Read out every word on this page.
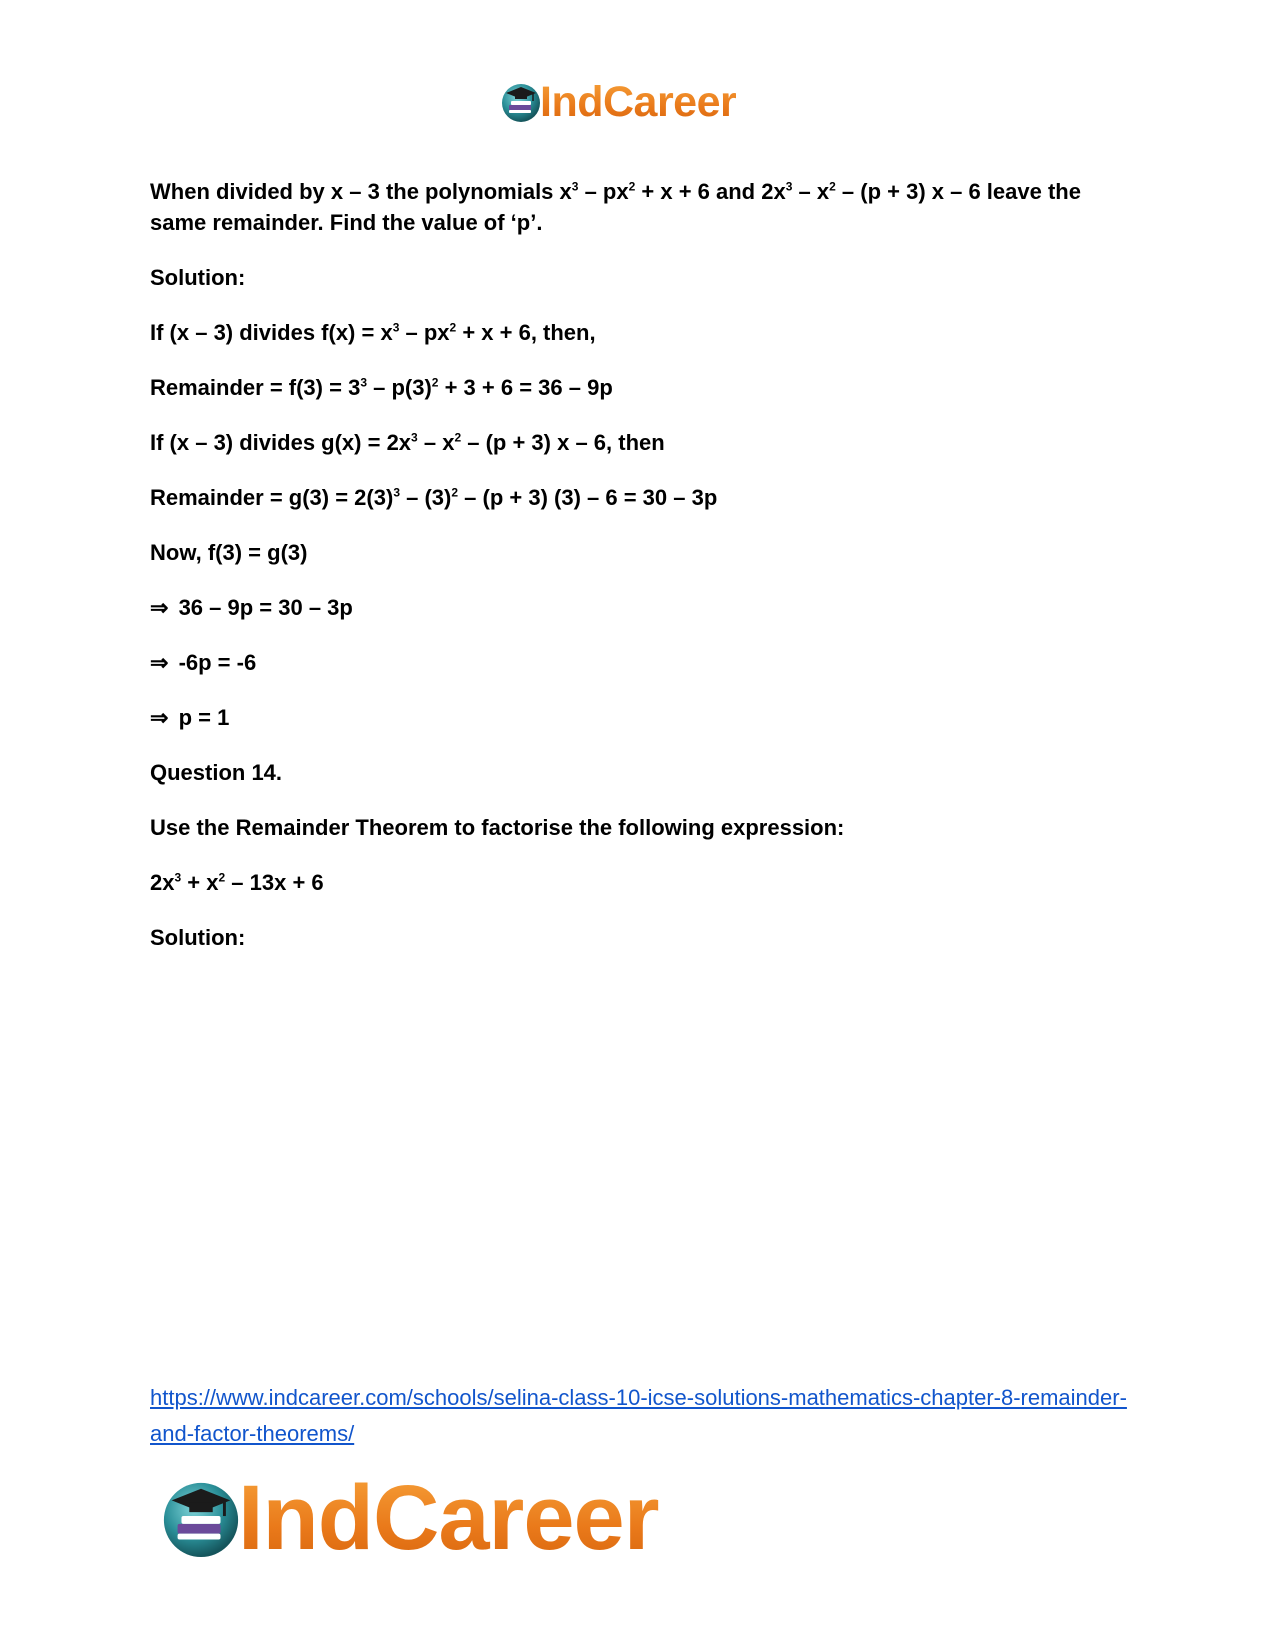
IndCareer

When divided by x – 3 the polynomials $x^3 - px^2 + x + 6$ and $2x^3 - x^2 - (p + 3)$ x – 6 leave the same remainder. Find the value of ‘p’.

Solution:

If (x – 3) divides $f(x) = x^3 - px^2 + x + 6$, then,

Remainder = $f(3) = 3^3 - p(3)^2 + 3 + 6 = 36 - 9p$

If (x – 3) divides $g(x) = 2x^3 - x^2 - (p + 3)$ x – 6, then

Remainder = $g(3) = 2(3)^3 - (3)^2 - (p + 3)$ (3) – 6 = 30 – 3p

Now, f(3) = g(3)

⇒ 36 – 9p = 30 – 3p

⇒ -6p = -6

⇒ p = 1

Question 14.

Use the Remainder Theorem to factorise the following expression:

$2x^3 + x^2 - 13x + 6$

Solution:

https://www.indcareer.com/schools/selina-class-10-icse-solutions-mathematics-chapter-8-remainder-and-factor-theorems/
IndCareer
